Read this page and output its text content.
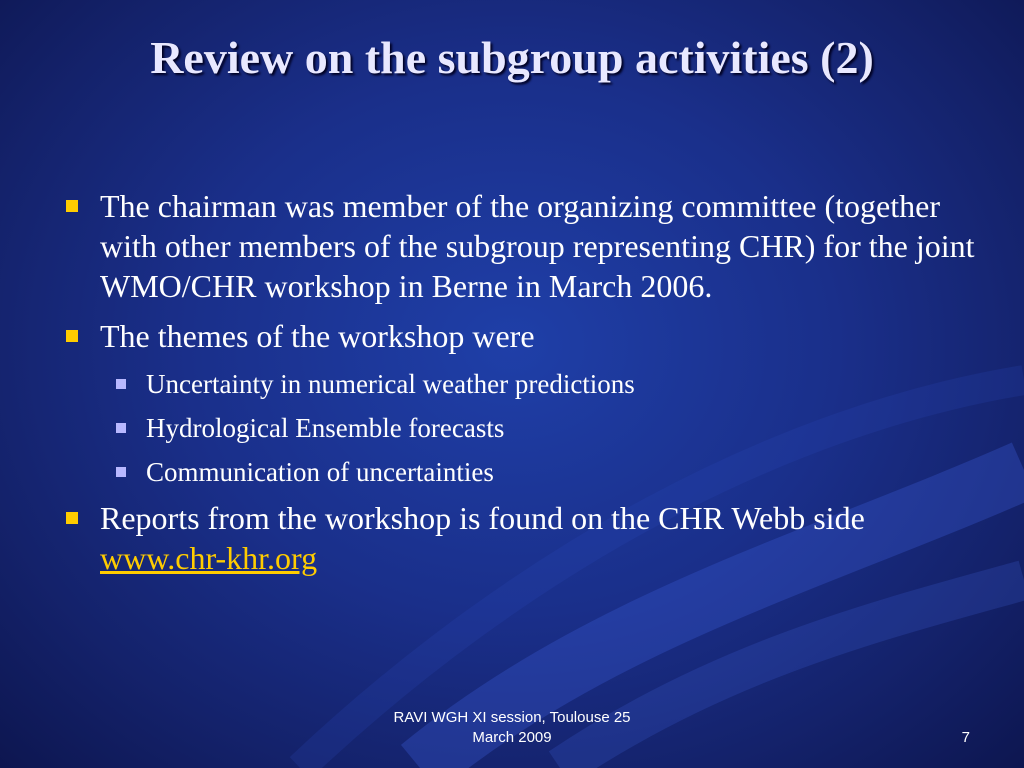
Review on the subgroup activities (2)
The chairman was member of the organizing committee (together with other members of the subgroup representing CHR) for the joint WMO/CHR workshop in Berne in March 2006.
The themes of the workshop were
Uncertainty in numerical weather predictions
Hydrological Ensemble forecasts
Communication of uncertainties
Reports from the workshop is found on the CHR Webb side www.chr-khr.org
RAVI WGH XI session, Toulouse 25
March 2009	7
